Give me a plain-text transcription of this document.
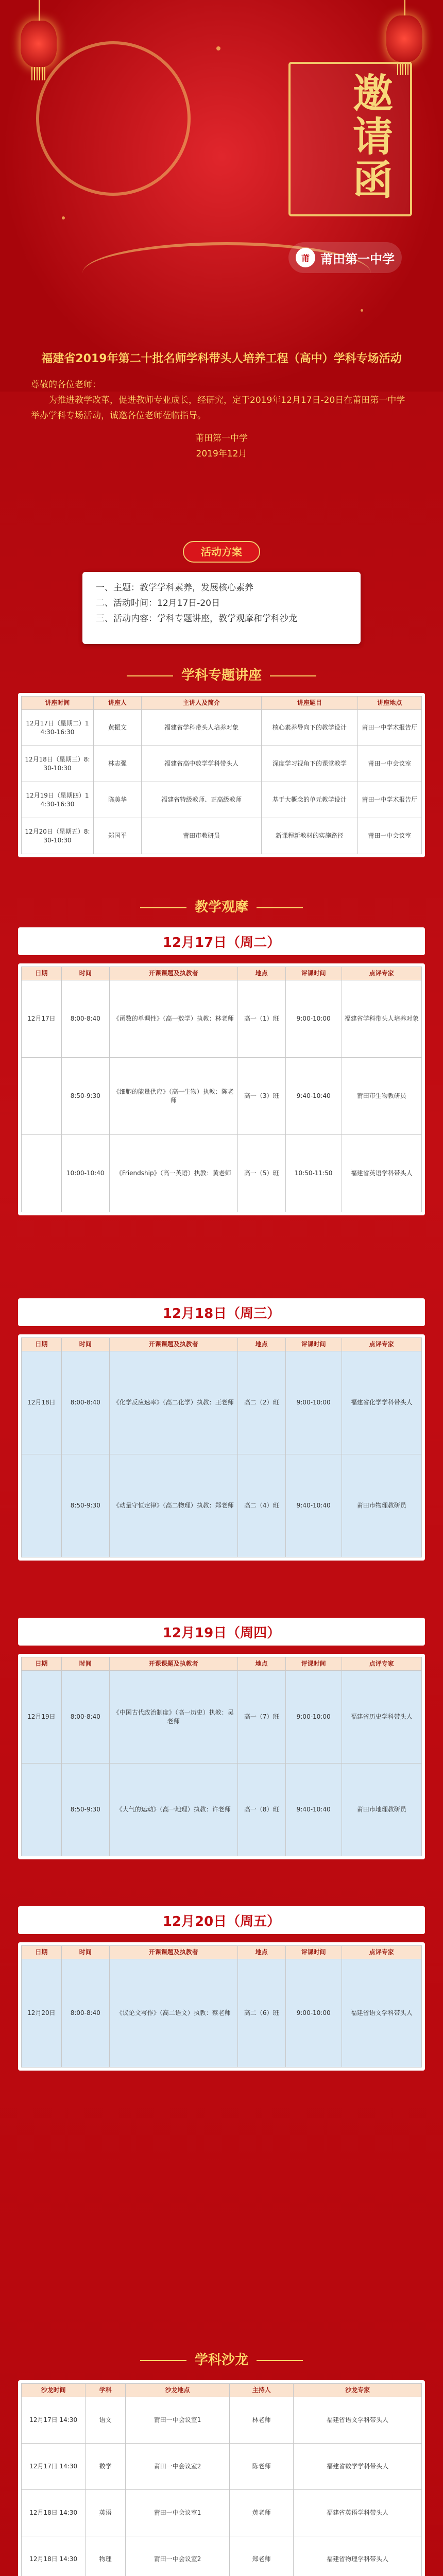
邀请函
莆 莆田第一中学
福建省2019年第二十批名师学科带头人培养工程（高中）学科专场活动

尊敬的各位老师：

为推进教学改革，促进教师专业成长，经研究，定于2019年12月17日-20日在莆田第一中学举办学科专场活动，诚邀各位老师莅临指导。

莆田第一中学

2019年12月

活动方案

一、主题：教学学科素养，发展核心素养

二、活动时间：12月17日-20日

三、活动内容：学科专题讲座，教学观摩和学科沙龙

学科专题讲座
讲座时间	讲座人	主讲人及简介	讲座题目	讲座地点
12月17日（星期二）14:30-16:30	黄振文	福建省学科带头人培养对象	核心素养导向下的教学设计	莆田一中学术报告厅
12月18日（星期三）8:30-10:30	林志强	福建省高中数学学科带头人	深度学习视角下的课堂教学	莆田一中会议室
12月19日（星期四）14:30-16:30	陈美华	福建省特级教师、正高级教师	基于大概念的单元教学设计	莆田一中学术报告厅
12月20日（星期五）8:30-10:30	郑国平	莆田市教研员	新课程新教材的实施路径	莆田一中会议室
教学观摩
12月17日（周二）
日期	时间	开课课题及执教者	地点	评课时间	点评专家
12月17日	8:00-8:40	《函数的单调性》（高一数学）执教：林老师	高一（1）班	9:00-10:00	福建省学科带头人培养对象
	8:50-9:30	《细胞的能量供应》（高一生物）执教：陈老师	高一（3）班	9:40-10:40	莆田市生物教研员
	10:00-10:40	《Friendship》（高一英语）执教：黄老师	高一（5）班	10:50-11:50	福建省英语学科带头人
12月18日（周三）
日期	时间	开课课题及执教者	地点	评课时间	点评专家
12月18日	8:00-8:40	《化学反应速率》（高二化学）执教：王老师	高二（2）班	9:00-10:00	福建省化学学科带头人
	8:50-9:30	《动量守恒定律》（高二物理）执教：郑老师	高二（4）班	9:40-10:40	莆田市物理教研员
12月19日（周四）
日期	时间	开课课题及执教者	地点	评课时间	点评专家
12月19日	8:00-8:40	《中国古代政治制度》（高一历史）执教：吴老师	高一（7）班	9:00-10:00	福建省历史学科带头人
	8:50-9:30	《大气的运动》（高一地理）执教：许老师	高一（8）班	9:40-10:40	莆田市地理教研员
12月20日（周五）
日期	时间	开课课题及执教者	地点	评课时间	点评专家
12月20日	8:00-8:40	《议论文写作》（高二语文）执教：蔡老师	高二（6）班	9:00-10:00	福建省语文学科带头人
学科沙龙
沙龙时间	学科	沙龙地点	主持人	沙龙专家
12月17日 14:30	语文	莆田一中会议室1	林老师	福建省语文学科带头人
12月17日 14:30	数学	莆田一中会议室2	陈老师	福建省数学学科带头人
12月18日 14:30	英语	莆田一中会议室1	黄老师	福建省英语学科带头人
12月18日 14:30	物理	莆田一中会议室2	郑老师	福建省物理学科带头人
